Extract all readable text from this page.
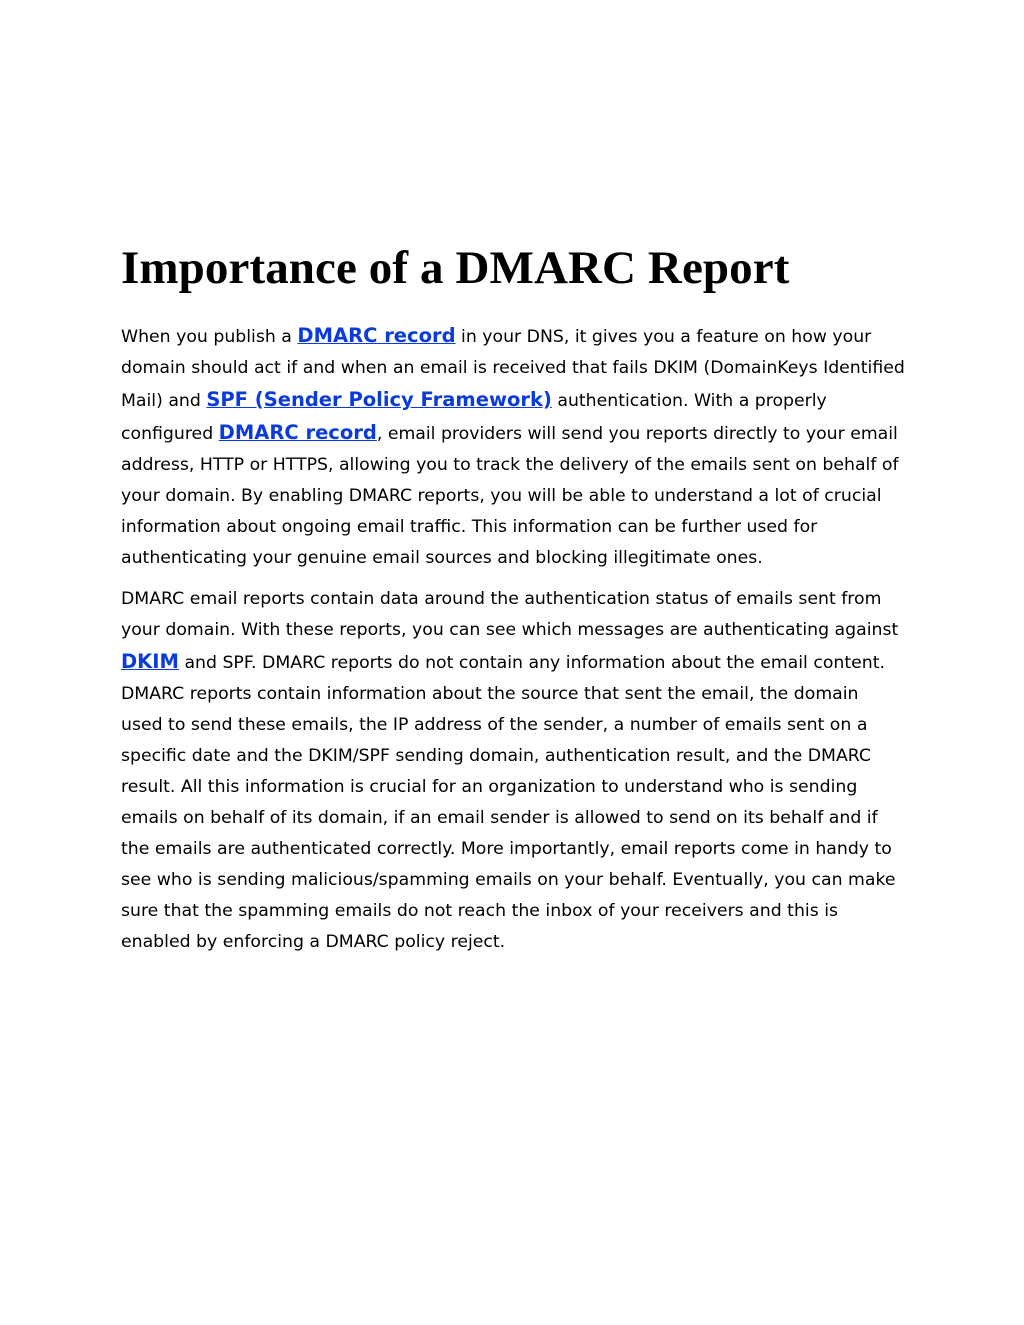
Importance of a DMARC Report

When you publish a DMARC record in your DNS, it gives you a feature on how your domain should act if and when an email is received that fails DKIM (DomainKeys Identified Mail) and SPF (Sender Policy Framework) authentication. With a properly configured DMARC record, email providers will send you reports directly to your email address, HTTP or HTTPS, allowing you to track the delivery of the emails sent on behalf of your domain. By enabling DMARC reports, you will be able to understand a lot of crucial information about ongoing email traffic. This information can be further used for authenticating your genuine email sources and blocking illegitimate ones.

DMARC email reports contain data around the authentication status of emails sent from your domain. With these reports, you can see which messages are authenticating against DKIM and SPF. DMARC reports do not contain any information about the email content. DMARC reports contain information about the source that sent the email, the domain used to send these emails, the IP address of the sender, a number of emails sent on a specific date and the DKIM/SPF sending domain, authentication result, and the DMARC result. All this information is crucial for an organization to understand who is sending emails on behalf of its domain, if an email sender is allowed to send on its behalf and if the emails are authenticated correctly. More importantly, email reports come in handy to see who is sending malicious/spamming emails on your behalf. Eventually, you can make sure that the spamming emails do not reach the inbox of your receivers and this is enabled by enforcing a DMARC policy reject.
